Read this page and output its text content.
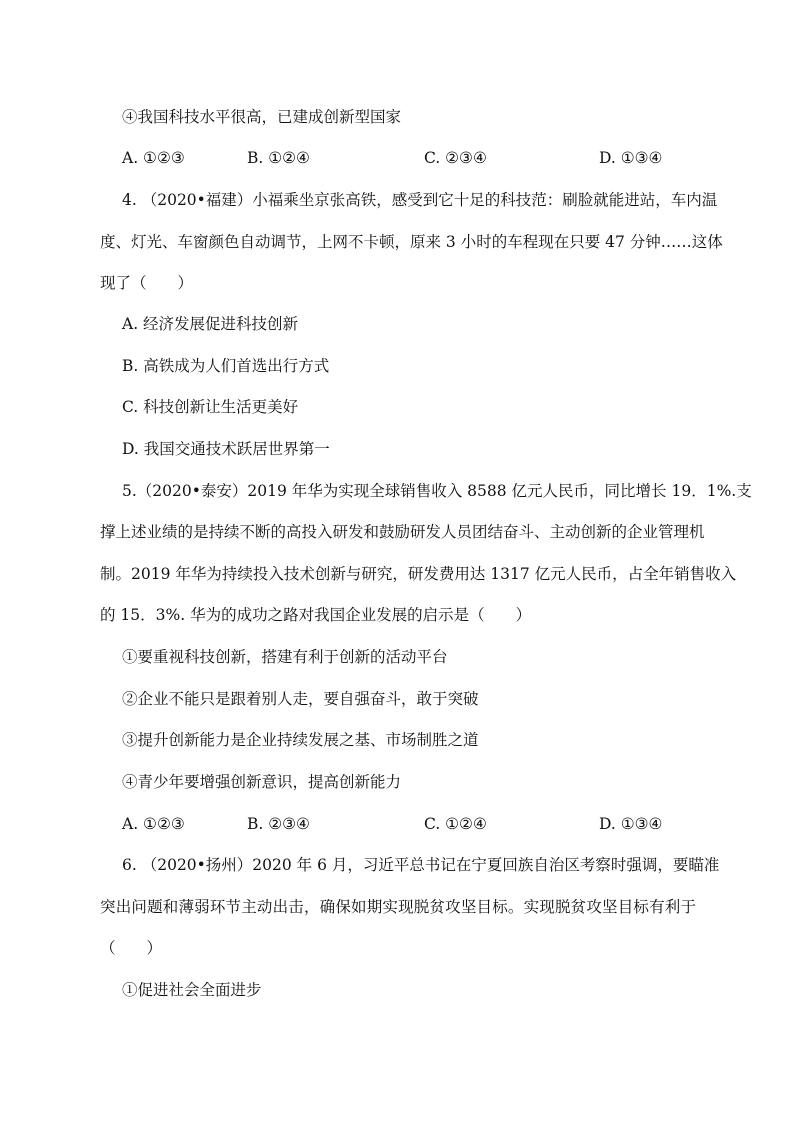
④我国科技水平很高，已建成创新型国家
A. ①②③	B. ①②④	C. ②③④	D. ①③④
4. （2020•福建）小福乘坐京张高铁，感受到它十足的科技范：刷脸就能进站，车内温
度、灯光、车窗颜色自动调节，上网不卡顿，原来 3 小时的车程现在只要 47 分钟……这体
现了（　　）
A. 经济发展促进科技创新
B. 高铁成为人们首选出行方式
C. 科技创新让生活更美好
D. 我国交通技术跃居世界第一
5.（2020•泰安）2019 年华为实现全球销售收入 8588 亿元人民币，同比增长 19．1%.支
撑上述业绩的是持续不断的高投入研发和鼓励研发人员团结奋斗、主动创新的企业管理机
制。2019 年华为持续投入技术创新与研究，研发费用达 1317 亿元人民币，占全年销售收入
的 15．3%. 华为的成功之路对我国企业发展的启示是（　　）
①要重视科技创新，搭建有利于创新的活动平台
②企业不能只是跟着别人走，要自强奋斗，敢于突破
③提升创新能力是企业持续发展之基、市场制胜之道
④青少年要增强创新意识，提高创新能力
A. ①②③	B. ②③④	C. ①②④	D. ①③④
6. （2020•扬州）2020 年 6 月，习近平总书记在宁夏回族自治区考察时强调，要瞄准
突出问题和薄弱环节主动出击，确保如期实现脱贫攻坚目标。实现脱贫攻坚目标有利于
（　　）
①促进社会全面进步
